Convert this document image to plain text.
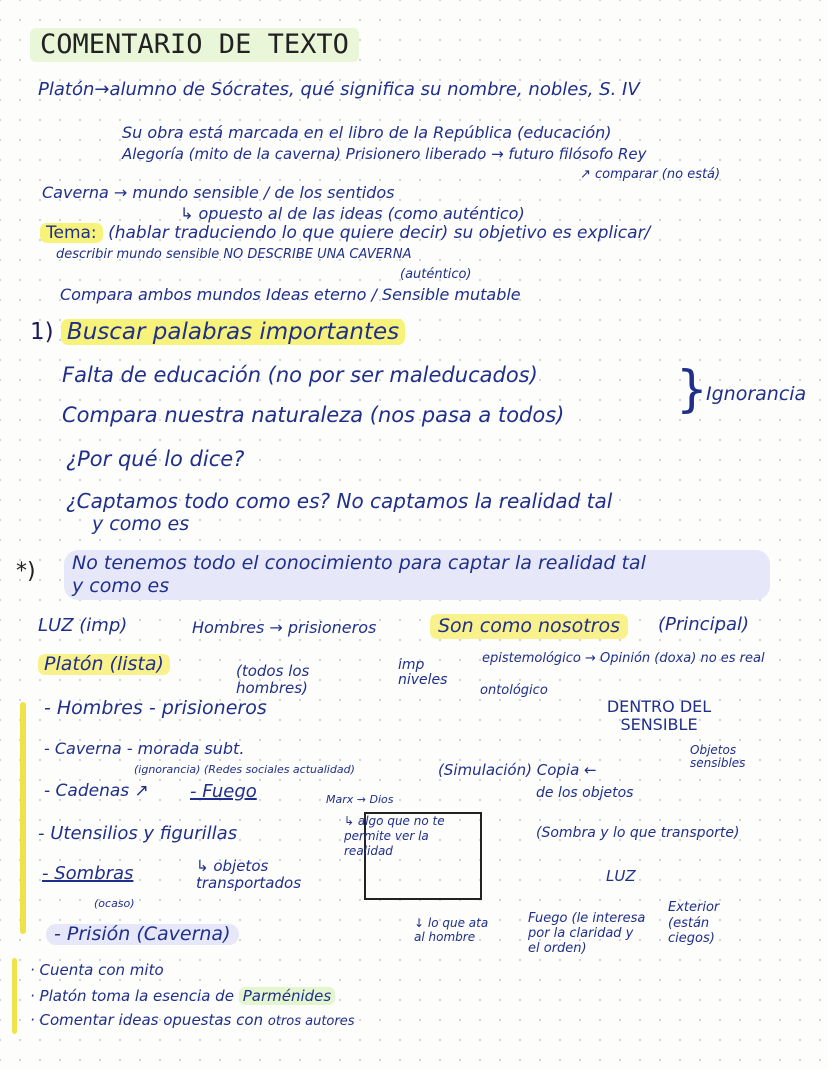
COMENTARIO DE TEXTO
Platón→alumno de Sócrates, qué significa su nombre, nobles, S. IV
Su obra está marcada en el libro de la República (educación)
Alegoría (mito de la caverna) Prisionero liberado → futuro filósofo Rey
↗ comparar (no está)
Caverna → mundo sensible / de los sentidos
↳ opuesto al de las ideas (como auténtico)
Tema: (hablar traduciendo lo que quiere decir) su objetivo es explicar/
describir mundo sensible NO DESCRIBE UNA CAVERNA
(auténtico)
Compara ambos mundos Ideas eterno / Sensible mutable
1) Buscar palabras importantes
Falta de educación (no por ser maleducados)
Compara nuestra naturaleza (nos pasa a todos) }
Ignorancia
¿Por qué lo dice?
¿Captamos todo como es? No captamos la realidad tal
y como es
*) No tenemos todo el conocimiento para captar la realidad tal
y como es
LUZ (imp)	Hombres → prisioneros	Son como nosotros	(Principal)
Platón (lista)	(todos los hombres)
- Hombres - prisioneros
- Caverna - morada subt.
(ignorancia) (Redes sociales actualidad)
Marx → Dios
- Cadenas ↗ - Fuego
- Utensilios y figurillas
↳ objetos transportados
- Sombras
(ocaso)
- Prisión (Caverna)
↳ algo que no te permite ver la realidad
↓ lo que ata al hombre
imp niveles
epistemológico → Opinión (doxa) no es real
ontológico
DENTRO DEL SENSIBLE
Objetos sensibles
(Simulación) Copia ←
de los objetos
(Sombra y lo que transporte)
LUZ
Fuego (le interesa por la claridad y el orden)
Exterior (están ciegos)
· Cuenta con mito
· Platón toma la esencia de Parménides
· Comentar ideas opuestas con otros autores
